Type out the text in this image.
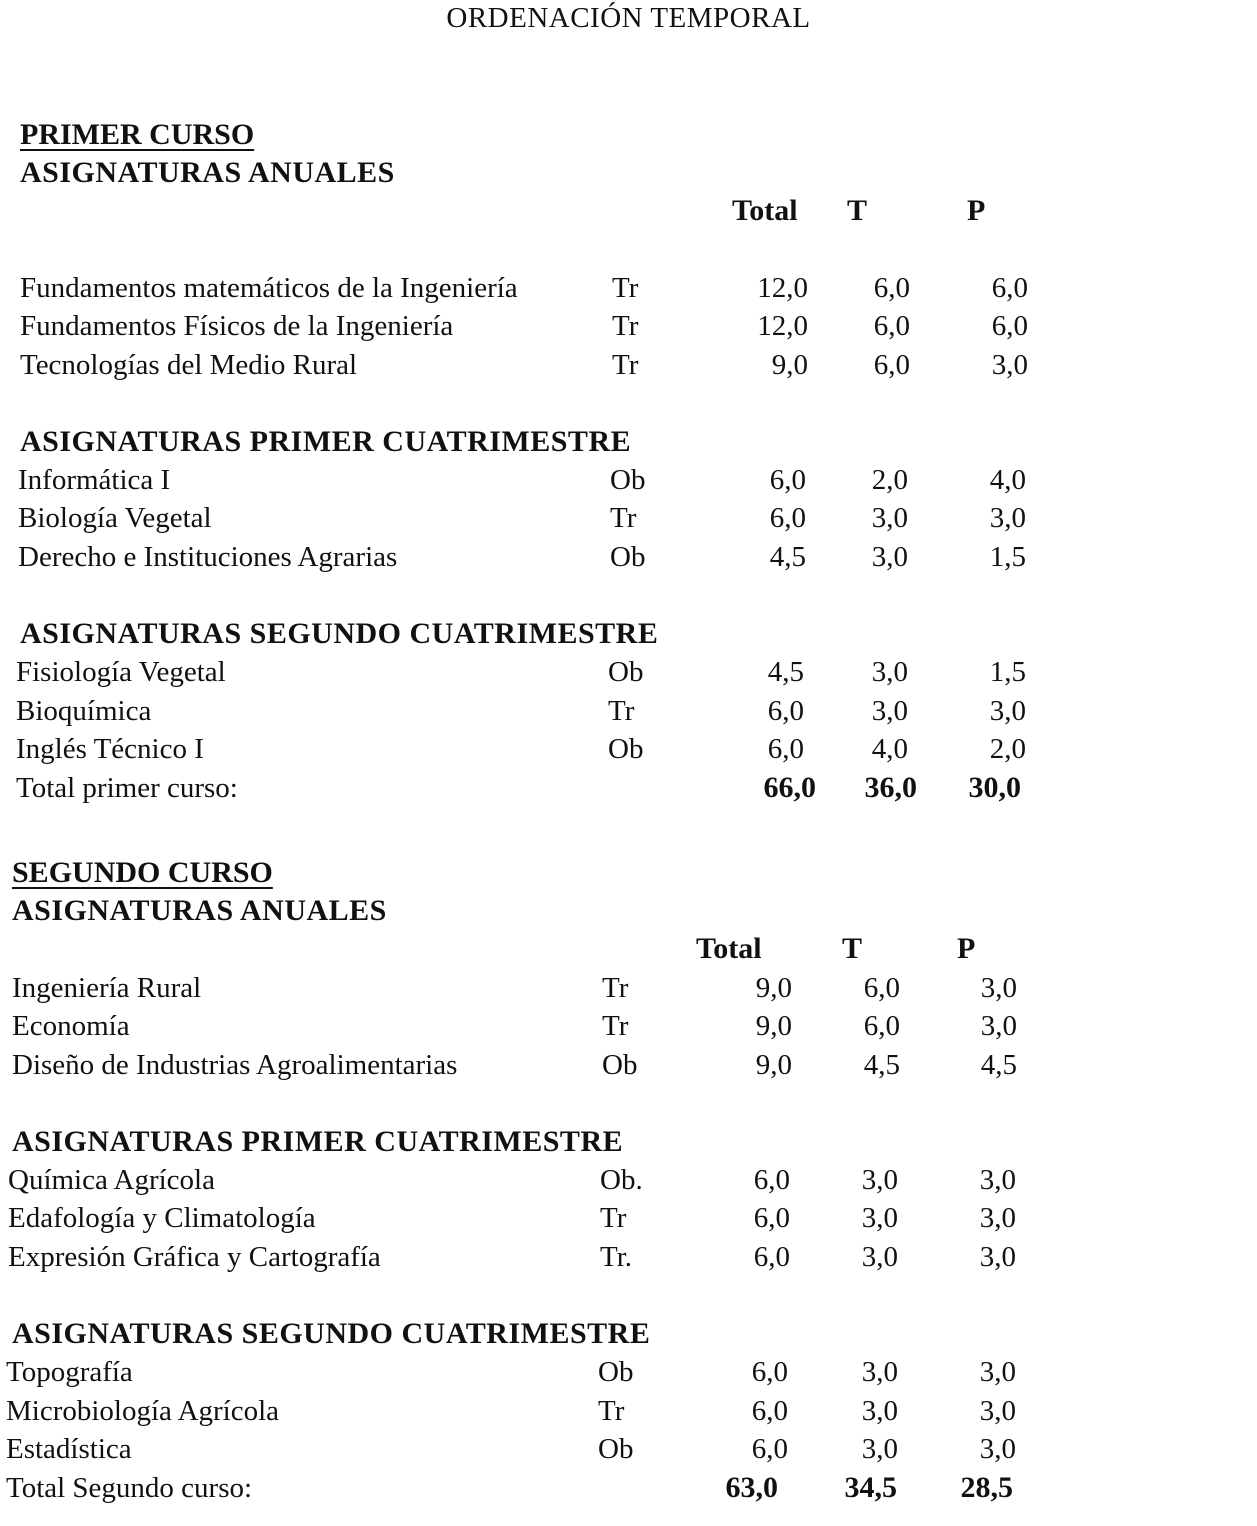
ORDENACIÓN TEMPORAL
PRIMER CURSO
ASIGNATURAS ANUALES
Total T	P
Fundamentos matemáticos de la Ingeniería	Tr	12,0	6,0	6,0
Fundamentos Físicos de la Ingeniería	Tr	12,0	6,0	6,0
Tecnologías del Medio Rural	Tr	9,0	6,0	3,0
ASIGNATURAS PRIMER CUATRIMESTRE
Informática I	Ob	6,0	2,0	4,0
Biología Vegetal	Tr	6,0	3,0	3,0
Derecho e Instituciones Agrarias	Ob	4,5	3,0	1,5
ASIGNATURAS SEGUNDO CUATRIMESTRE
Fisiología Vegetal	Ob	4,5	3,0	1,5
Bioquímica	Tr	6,0	3,0	3,0
Inglés Técnico I	Ob	6,0	4,0	2,0
Total primer curso:	66,0	36,0	30,0
SEGUNDO CURSO
ASIGNATURAS ANUALES
Total	T	P
Ingeniería Rural	Tr	9,0	6,0	3,0
Economía	Tr	9,0	6,0	3,0
Diseño de Industrias Agroalimentarias	Ob	9,0	4,5	4,5
ASIGNATURAS PRIMER CUATRIMESTRE
Química Agrícola	Ob.	6,0	3,0	3,0
Edafología y Climatología	Tr	6,0	3,0	3,0
Expresión Gráfica y Cartografía	Tr.	6,0	3,0	3,0
ASIGNATURAS SEGUNDO CUATRIMESTRE
Topografía	Ob	6,0	3,0	3,0
Microbiología Agrícola	Tr	6,0	3,0	3,0
Estadística	Ob	6,0	3,0	3,0
Total Segundo curso:	63,0	34,5	28,5
